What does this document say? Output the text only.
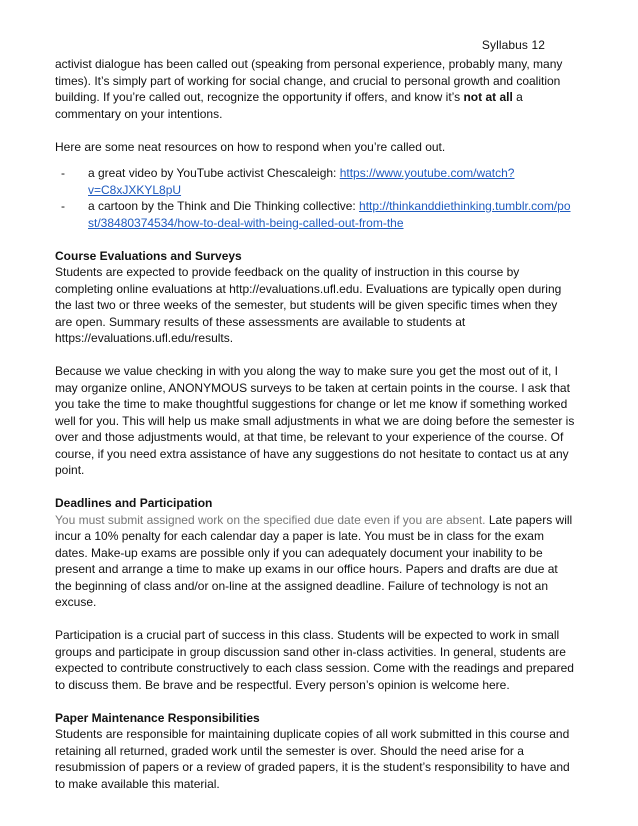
Syllabus 12

activist dialogue has been called out (speaking from personal experience, probably many, many times). It’s simply part of working for social change, and crucial to personal growth and coalition building. If you’re called out, recognize the opportunity if offers, and know it’s not at all a commentary on your intentions.

Here are some neat resources on how to respond when you’re called out.

- a great video by YouTube activist Chescaleigh: https://www.youtube.com/watch?v=C8xJXKYL8pU
- a cartoon by the Think and Die Thinking collective: http://thinkanddiethinking.tumblr.com/post/38480374534/how-to-deal-with-being-called-out-from-the

Course Evaluations and Surveys

Students are expected to provide feedback on the quality of instruction in this course by completing online evaluations at http://evaluations.ufl.edu. Evaluations are typically open during the last two or three weeks of the semester, but students will be given specific times when they are open. Summary results of these assessments are available to students at https://evaluations.ufl.edu/results.

Because we value checking in with you along the way to make sure you get the most out of it, I may organize online, ANONYMOUS surveys to be taken at certain points in the course. I ask that you take the time to make thoughtful suggestions for change or let me know if something worked well for you. This will help us make small adjustments in what we are doing before the semester is over and those adjustments would, at that time, be relevant to your experience of the course. Of course, if you need extra assistance of have any suggestions do not hesitate to contact us at any point.

Deadlines and Participation

You must submit assigned work on the specified due date even if you are absent. Late papers will incur a 10% penalty for each calendar day a paper is late. You must be in class for the exam dates. Make-up exams are possible only if you can adequately document your inability to be present and arrange a time to make up exams in our office hours. Papers and drafts are due at the beginning of class and/or on-line at the assigned deadline. Failure of technology is not an excuse.

Participation is a crucial part of success in this class. Students will be expected to work in small groups and participate in group discussion sand other in-class activities. In general, students are expected to contribute constructively to each class session. Come with the readings and prepared to discuss them. Be brave and be respectful. Every person’s opinion is welcome here.

Paper Maintenance Responsibilities

Students are responsible for maintaining duplicate copies of all work submitted in this course and retaining all returned, graded work until the semester is over. Should the need arise for a resubmission of papers or a review of graded papers, it is the student’s responsibility to have and to make available this material.
